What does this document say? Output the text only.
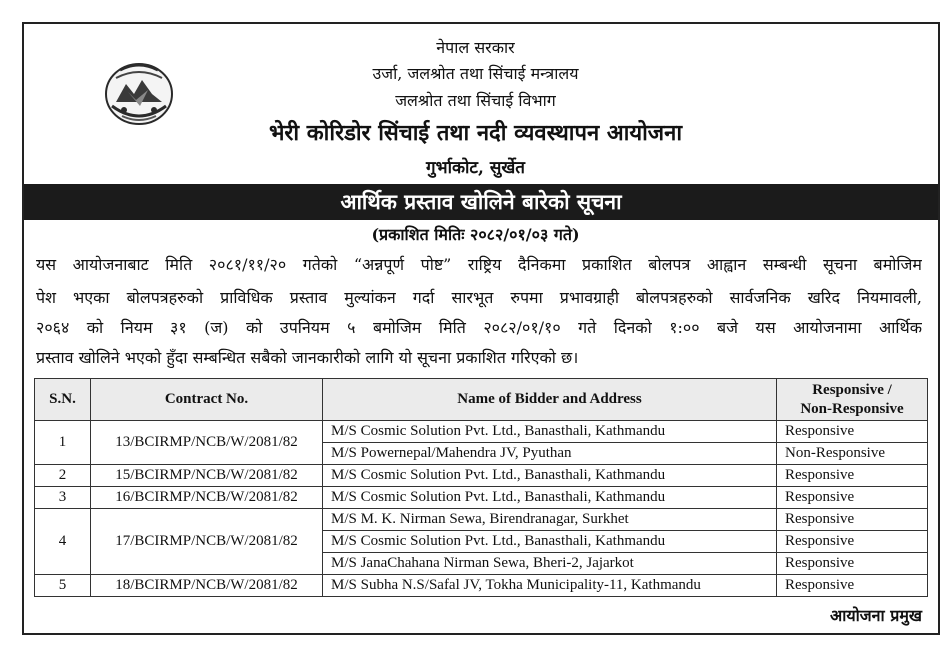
नेपाल सरकार
उर्जा, जलश्रोत तथा सिंचाई मन्त्रालय
जलश्रोत तथा सिंचाई विभाग
भेरी कोरिडोर सिंचाई तथा नदी व्यवस्थापन आयोजना
गुर्भाकोट, सुर्खेत
आर्थिक प्रस्ताव खोलिने बारेको सूचना
(प्रकाशित मितिः २०८२/०१/०३ गते)
यस आयोजनाबाट मिति २०८१/११/२० गतेको “अन्नपूर्ण पोष्ट” राष्ट्रिय दैनिकमा प्रकाशित बोलपत्र आह्वान सम्बन्धी सूचना बमोजिम
पेश भएका बोलपत्रहरुको प्राविधिक प्रस्ताव मुल्यांकन गर्दा सारभूत रुपमा प्रभावग्राही बोलपत्रहरुको सार्वजनिक खरिद नियमावली,
२०६४ को नियम ३१ (ज) को उपनियम ५ बमोजिम मिति २०८२/०१/१० गते दिनको १:०० बजे यस आयोजनामा आर्थिक
प्रस्ताव खोलिने भएको हुँदा सम्बन्धित सबैको जानकारीको लागि यो सूचना प्रकाशित गरिएको छ।
S.N.	Contract No.	Name of Bidder and Address	Responsive /
Non-Responsive
1	13/BCIRMP/NCB/W/2081/82	M/S Cosmic Solution Pvt. Ltd., Banasthali, Kathmandu	Responsive
		M/S Powernepal/Mahendra JV, Pyuthan	Non-Responsive
2	15/BCIRMP/NCB/W/2081/82	M/S Cosmic Solution Pvt. Ltd., Banasthali, Kathmandu	Responsive
3	16/BCIRMP/NCB/W/2081/82	M/S Cosmic Solution Pvt. Ltd., Banasthali, Kathmandu	Responsive
4	17/BCIRMP/NCB/W/2081/82	M/S M. K. Nirman Sewa, Birendranagar, Surkhet	Responsive
		M/S Cosmic Solution Pvt. Ltd., Banasthali, Kathmandu	Responsive
		M/S JanaChahana Nirman Sewa, Bheri-2, Jajarkot	Responsive
5	18/BCIRMP/NCB/W/2081/82	M/S Subha N.S/Safal JV, Tokha Municipality-11, Kathmandu	Responsive
आयोजना प्रमुख
